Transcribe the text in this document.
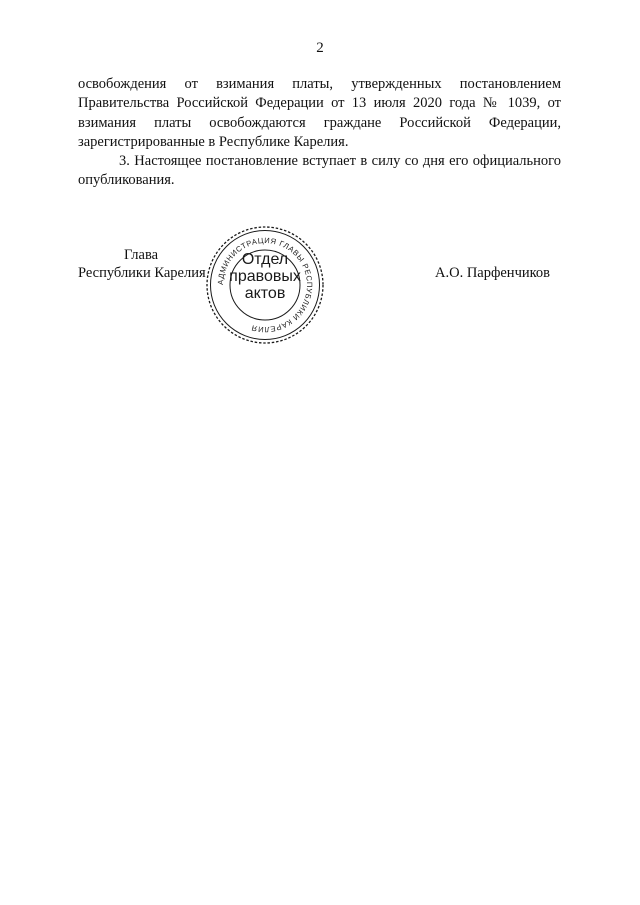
2

освобождения от взимания платы, утвержденных постановлением Правительства Российской Федерации от 13 июля 2020 года № 1039, от взимания платы освобождаются граждане Российской Федерации,

зарегистрированные в Республике Карелия.

3. Настоящее постановление вступает в силу со дня его официального

опубликования.

Глава
Республики Карелия	А.О. Парфенчиков
АДМИНИСТРАЦИЯ ГЛАВЫ РЕСПУБЛИКИ КАРЕЛИЯ
Отдел
правовых
актов
